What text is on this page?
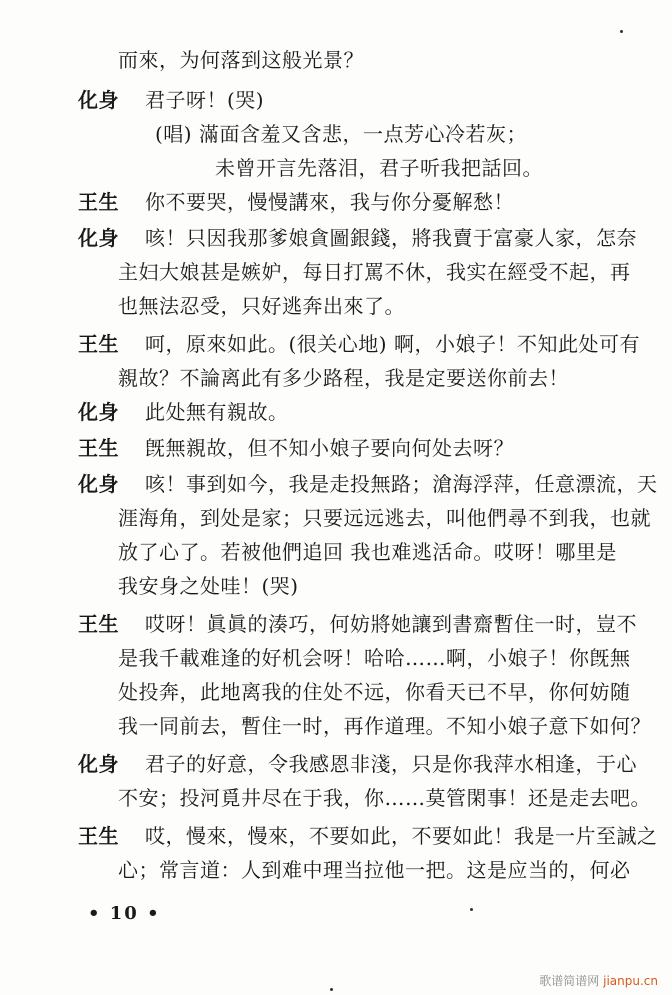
而來，为何落到这般光景？
化身 君子呀！(哭)
(唱) 滿面含羞又含悲，一点芳心冷若灰；
未曾开言先落泪，君子听我把話回。
王生 你不要哭，慢慢講來，我与你分憂解愁！
化身 咳！只因我那爹娘貪圖銀錢，將我賣于富豪人家，怎奈
主妇大娘甚是嫉妒，每日打罵不休，我实在經受不起，再
也無法忍受，只好逃奔出來了。
王生 呵，原來如此。(很关心地) 啊，小娘子！不知此处可有
親故？不論离此有多少路程，我是定要送你前去！
化身 此处無有親故。
王生 旣無親故，但不知小娘子要向何处去呀？
化身 咳！事到如今，我是走投無路；滄海浮萍，任意漂流，天
涯海角，到处是家；只要远远逃去，叫他們尋不到我，也就
放了心了。若被他們追回 我也难逃活命。哎呀！哪里是
我安身之处哇！(哭)
王生 哎呀！眞眞的湊巧，何妨將她讓到書齋暫住一时，豈不
是我千載难逢的好机会呀！哈哈……啊，小娘子！你旣無
处投奔，此地离我的住处不远，你看天已不早，你何妨随
我一同前去，暫住一时，再作道理。不知小娘子意下如何？
化身 君子的好意，令我感恩非淺，只是你我萍水相逢，于心
不安；投河覓井尽在于我，你……莫管閑事！还是走去吧。
王生 哎，慢來，慢來，不要如此，不要如此！我是一片至誠之
心；常言道：人到难中理当拉他一把。这是应当的，何必
• 10 •
歌谱简谱网 jianpu.cn
